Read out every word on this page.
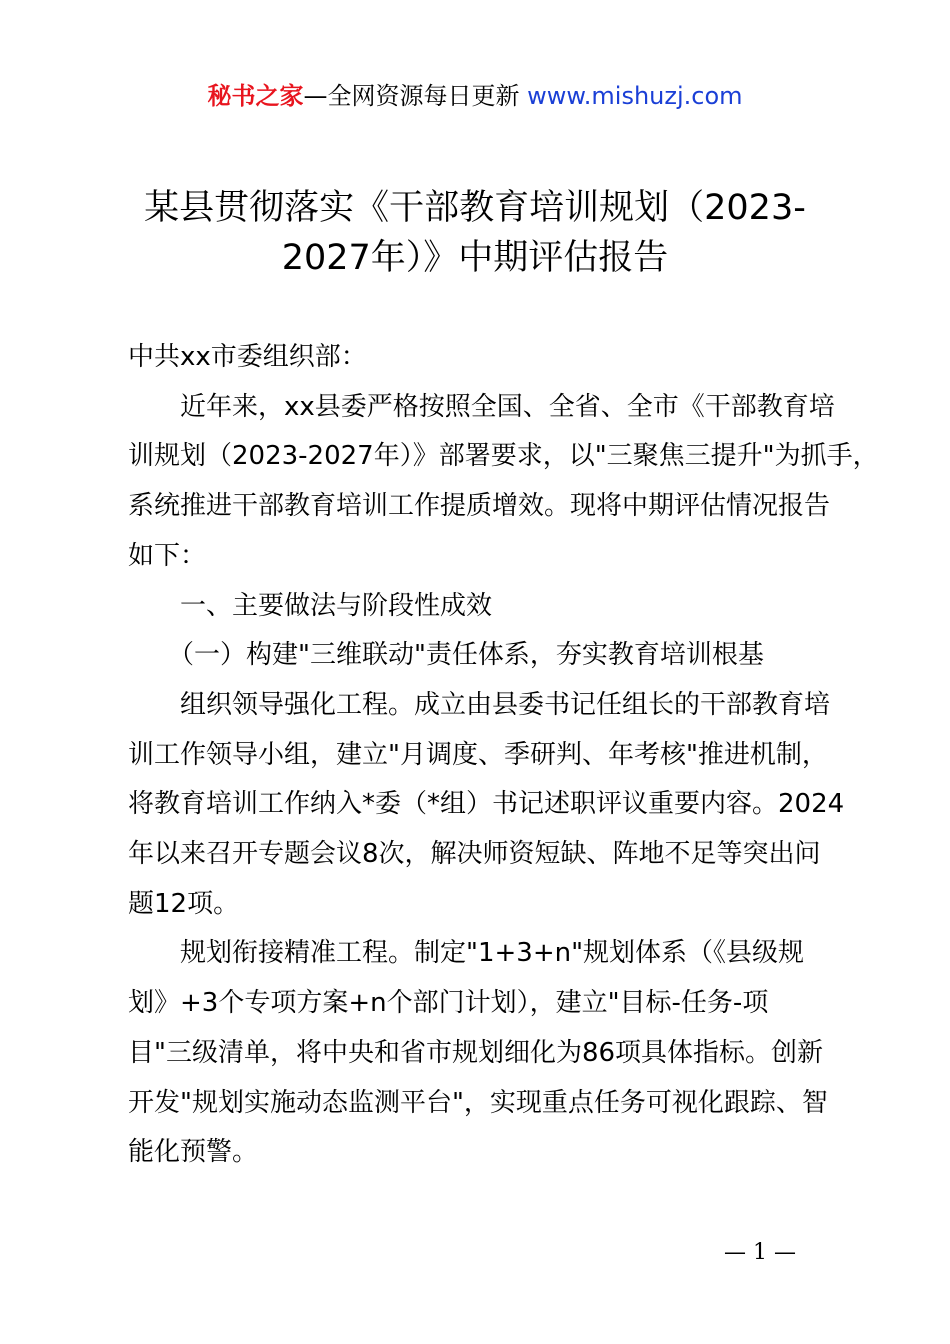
秘书之家—全网资源每日更新 www.mishuzj.com
某县贯彻落实《干部教育培训规划（2023-
2027年）》中期评估报告

中共xx市委组织部：

近年来，xx县委严格按照全国、全省、全市《干部教育培
训规划（2023-2027年）》部署要求，以"三聚焦三提升"为抓手，
系统推进干部教育培训工作提质增效。现将中期评估情况报告
如下：

一、主要做法与阶段性成效

（一）构建"三维联动"责任体系，夯实教育培训根基

组织领导强化工程。成立由县委书记任组长的干部教育培
训工作领导小组，建立"月调度、季研判、年考核"推进机制，
将教育培训工作纳入*委（*组）书记述职评议重要内容。2024
年以来召开专题会议8次，解决师资短缺、阵地不足等突出问
题12项。

规划衔接精准工程。制定"1+3+n"规划体系（《县级规
划》+3个专项方案+n个部门计划），建立"目标-任务-项
目"三级清单，将中央和省市规划细化为86项具体指标。创新
开发"规划实施动态监测平台"，实现重点任务可视化跟踪、智
能化预警。

— 1 —
